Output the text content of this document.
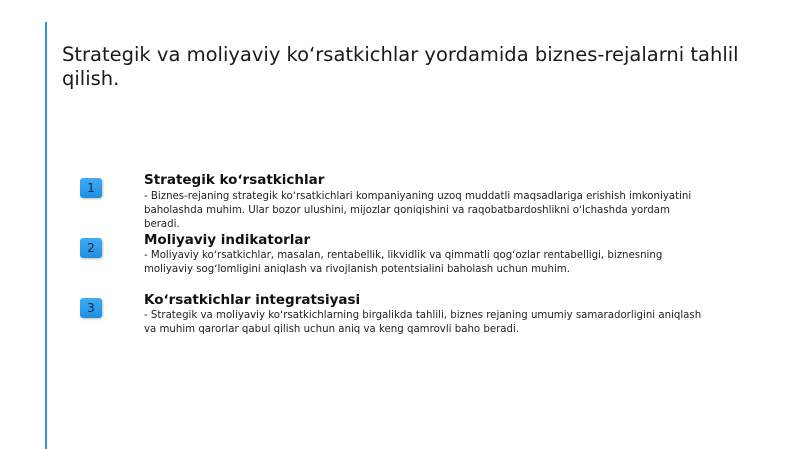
Strategik va moliyaviy koʻrsatkichlar yordamida biznes-rejalarni tahlil qilish.
1	Strategik koʻrsatkichlar
- Biznes-rejaning strategik koʻrsatkichlari kompaniyaning uzoq muddatli maqsadlariga erishish imkoniyatini baholashda muhim. Ular bozor ulushini, mijozlar qoniqishini va raqobatbardoshlikni oʻlchashda yordam beradi.
2	Moliyaviy indikatorlar
- Moliyaviy koʻrsatkichlar, masalan, rentabellik, likvidlik va qimmatli qogʻozlar rentabelligi, biznesning moliyaviy sogʻlomligini aniqlash va rivojlanish potentsialini baholash uchun muhim.
3	Koʻrsatkichlar integratsiyasi
- Strategik va moliyaviy koʻrsatkichlarning birgalikda tahlili, biznes rejaning umumiy samaradorligini aniqlash va muhim qarorlar qabul qilish uchun aniq va keng qamrovli baho beradi.
